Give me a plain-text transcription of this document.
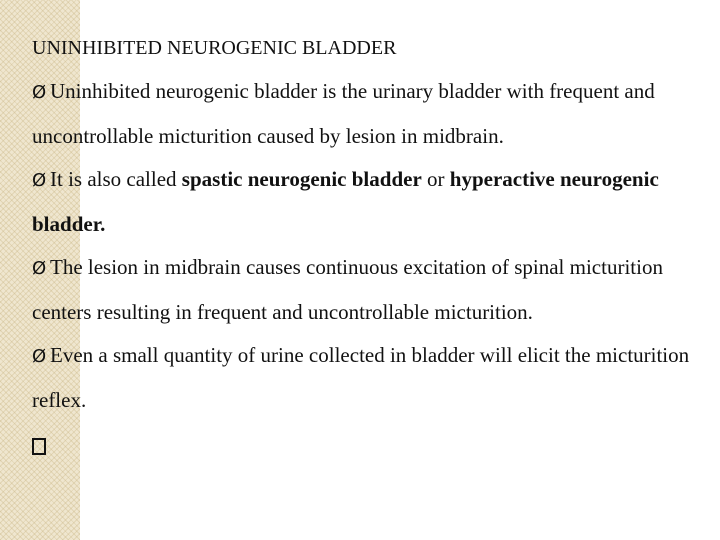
UNINHIBITED NEUROGENIC BLADDER

Ø Uninhibited neurogenic bladder is the urinary bladder with frequent and uncontrollable micturition caused by lesion in midbrain.

Ø It is also called spastic neurogenic bladder or hyperactive neurogenic bladder.

Ø The lesion in midbrain causes continuous excitation of spinal micturition centers resulting in frequent and uncontrollable micturition.

Ø Even a small quantity of urine collected in bladder will elicit the micturition reflex.
